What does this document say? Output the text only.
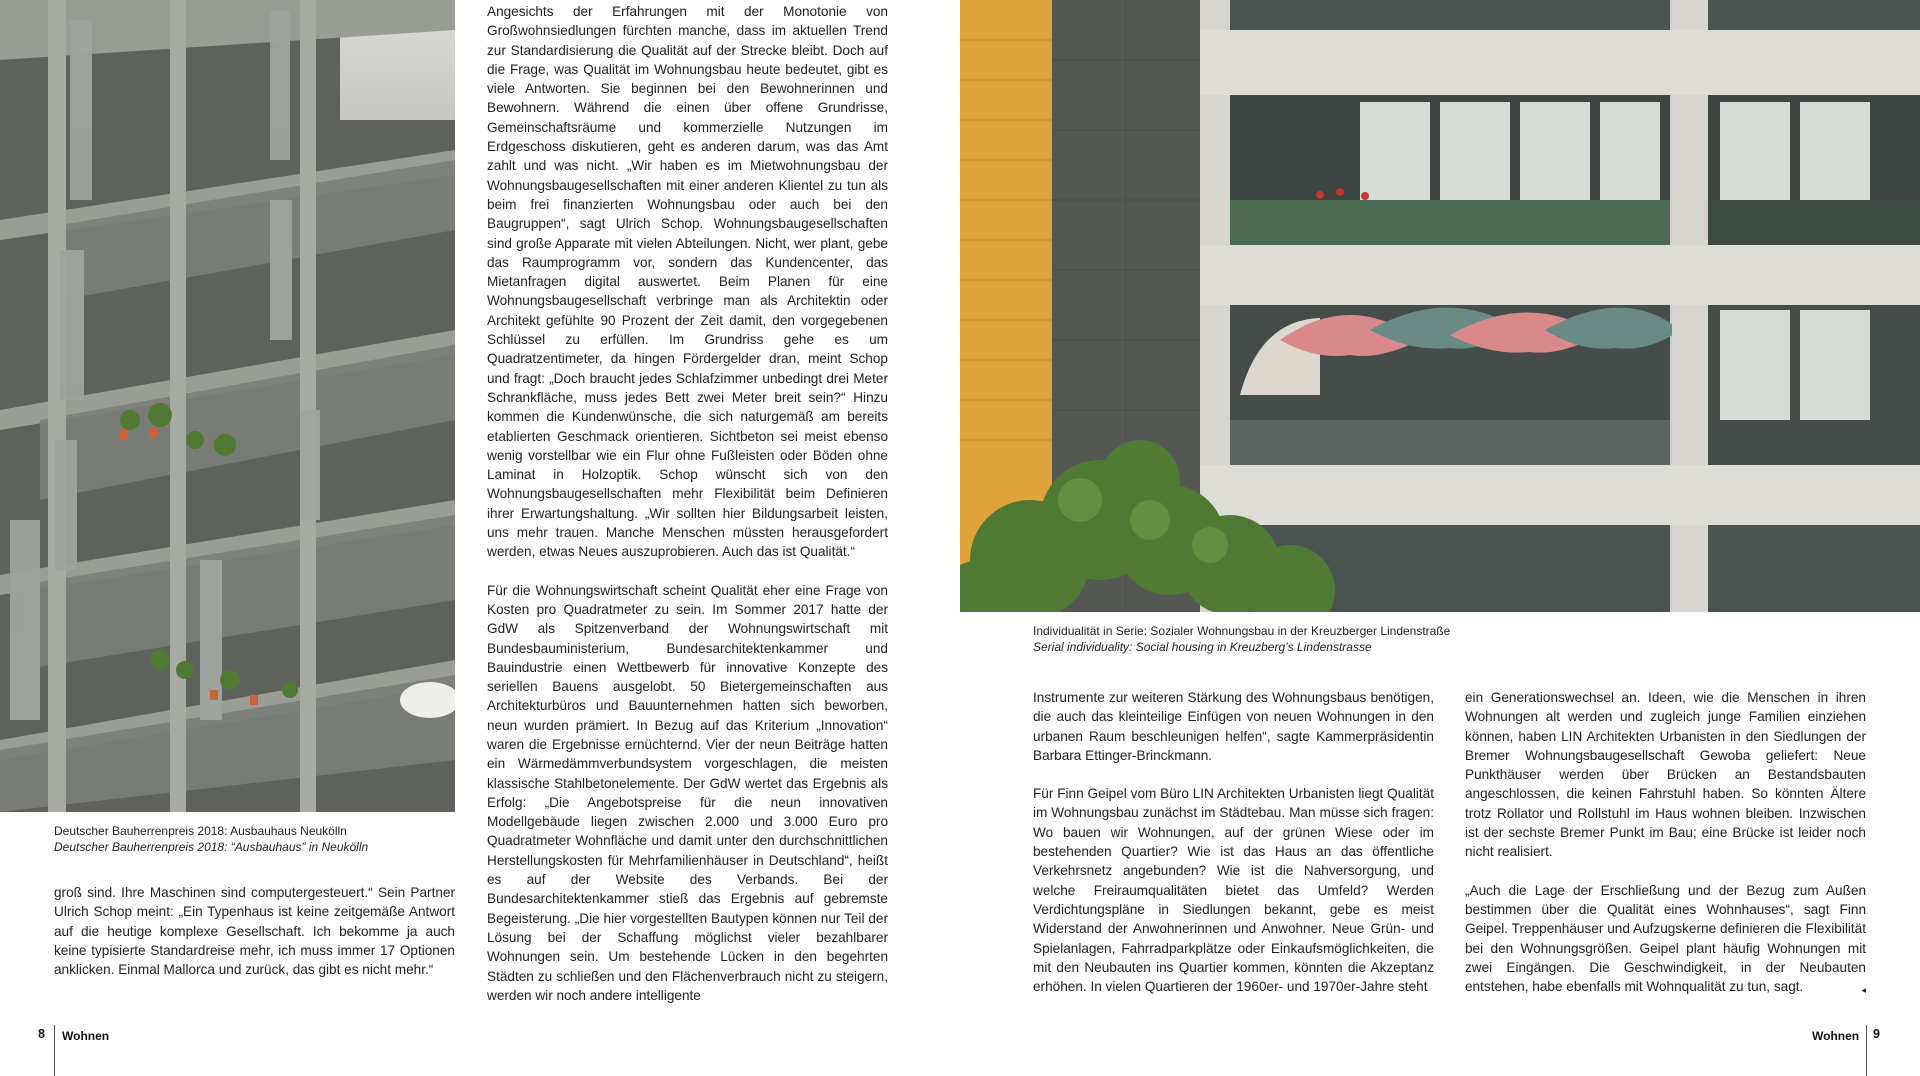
Deutscher Bauherrenpreis 2018: Ausbauhaus Neukölln
Deutscher Bauherrenpreis 2018: “Ausbauhaus” in Neukölln

groß sind. Ihre Maschinen sind computergesteuert.“ Sein Partner Ulrich Schop meint: „Ein Typenhaus ist keine zeitgemäße Antwort auf die heutige komplexe Gesellschaft. Ich bekomme ja auch keine typisierte Standardreise mehr, ich muss immer 17 Optionen anklicken. Einmal Mallorca und zurück, das gibt es nicht mehr.“

Angesichts der Erfahrungen mit der Monotonie von Großwohnsiedlungen fürchten manche, dass im aktuellen Trend zur Standardisierung die Qualität auf der Strecke bleibt. Doch auf die Frage, was Qualität im Wohnungsbau heute bedeutet, gibt es viele Antworten. Sie beginnen bei den Bewohnerinnen und Bewohnern. Während die einen über offene Grundrisse, Gemeinschaftsräume und kommerzielle Nutzungen im Erdgeschoss diskutieren, geht es anderen darum, was das Amt zahlt und was nicht. „Wir haben es im Mietwohnungsbau der Wohnungsbaugesellschaften mit einer anderen Klientel zu tun als beim frei finanzierten Wohnungsbau oder auch bei den Baugruppen“, sagt Ulrich Schop. Wohnungsbaugesellschaften sind große Apparate mit vielen Abteilungen. Nicht, wer plant, gebe das Raumprogramm vor, sondern das Kundencenter, das Mietanfragen digital auswertet. Beim Planen für eine Wohnungsbaugesellschaft verbringe man als Architektin oder Architekt gefühlte 90 Prozent der Zeit damit, den vorgegebenen Schlüssel zu erfüllen. Im Grundriss gehe es um Quadratzentimeter, da hingen Fördergelder dran, meint Schop und fragt: „Doch braucht jedes Schlafzimmer unbedingt drei Meter Schrankfläche, muss jedes Bett zwei Meter breit sein?“ Hinzu kommen die Kundenwünsche, die sich naturgemäß am bereits etablierten Geschmack orientieren. Sichtbeton sei meist ebenso wenig vorstellbar wie ein Flur ohne Fußleisten oder Böden ohne Laminat in Holzoptik. Schop wünscht sich von den Wohnungsbaugesellschaften mehr Flexibilität beim Definieren ihrer Erwartungshaltung. „Wir sollten hier Bildungsarbeit leisten, uns mehr trauen. Manche Menschen müssten herausgefordert werden, etwas Neues auszuprobieren. Auch das ist Qualität.“

Für die Wohnungswirtschaft scheint Qualität eher eine Frage von Kosten pro Quadratmeter zu sein. Im Sommer 2017 hatte der GdW als Spitzenverband der Wohnungswirtschaft mit Bundesbauministerium, Bundesarchitektenkammer und Bauindustrie einen Wettbewerb für innovative Konzepte des seriellen Bauens ausgelobt. 50 Bietergemeinschaften aus Architekturbüros und Bauunternehmen hatten sich beworben, neun wurden prämiert. In Bezug auf das Kriterium „Innovation“ waren die Ergebnisse ernüchternd. Vier der neun Beiträge hatten ein Wärmedämmverbundsystem vorgeschlagen, die meisten klassische Stahlbetonelemente. Der GdW wertet das Ergebnis als Erfolg: „Die Angebotspreise für die neun innovativen Modellgebäude liegen zwischen 2.000 und 3.000 Euro pro Quadratmeter Wohnfläche und damit unter den durchschnittlichen Herstellungskosten für Mehrfamilienhäuser in Deutschland“, heißt es auf der Website des Verbands. Bei der Bundesarchitektenkammer stieß das Ergebnis auf gebremste Begeisterung. „Die hier vorgestellten Bautypen können nur Teil der Lösung bei der Schaffung möglichst vieler bezahlbarer Wohnungen sein. Um bestehende Lücken in den begehrten Städten zu schließen und den Flächenverbrauch nicht zu steigern, werden wir noch andere intelligente

8 Wohnen
Individualität in Serie: Sozialer Wohnungsbau in der Kreuzberger Lindenstraße
Serial individuality: Social housing in Kreuzberg’s Lindenstrasse

Instrumente zur weiteren Stärkung des Wohnungsbaus benötigen, die auch das kleinteilige Einfügen von neuen Wohnungen in den urbanen Raum beschleunigen helfen“, sagte Kammerpräsidentin Barbara Ettinger-Brinckmann.

Für Finn Geipel vom Büro LIN Architekten Urbanisten liegt Qualität im Wohnungsbau zunächst im Städtebau. Man müsse sich fragen: Wo bauen wir Wohnungen, auf der grünen Wiese oder im bestehenden Quartier? Wie ist das Haus an das öffentliche Verkehrsnetz angebunden? Wie ist die Nahversorgung, und welche Freiraumqualitäten bietet das Umfeld? Werden Verdichtungspläne in Siedlungen bekannt, gebe es meist Widerstand der Anwohnerinnen und Anwohner. Neue Grün- und Spielanlagen, Fahrradparkplätze oder Einkaufsmöglichkeiten, die mit den Neubauten ins Quartier kommen, könnten die Akzeptanz erhöhen. In vielen Quartieren der 1960er- und 1970er-Jahre steht

ein Generationswechsel an. Ideen, wie die Menschen in ihren Wohnungen alt werden und zugleich junge Familien einziehen können, haben LIN Architekten Urbanisten in den Siedlungen der Bremer Wohnungsbaugesellschaft Gewoba geliefert: Neue Punkthäuser werden über Brücken an Bestandsbauten angeschlossen, die keinen Fahrstuhl haben. So könnten Ältere trotz Rollator und Rollstuhl im Haus wohnen bleiben. Inzwischen ist der sechste Bremer Punkt im Bau; eine Brücke ist leider noch nicht realisiert.

„Auch die Lage der Erschließung und der Bezug zum Außen bestimmen über die Qualität eines Wohnhauses“, sagt Finn Geipel. Treppenhäuser und Aufzugskerne definieren die Flexibilität bei den Wohnungsgrößen. Geipel plant häufig Wohnungen mit zwei Eingängen. Die Geschwindigkeit, in der Neubauten entstehen, habe ebenfalls mit Wohnqualität zu tun, sagt.	◂

Wohnen 9
